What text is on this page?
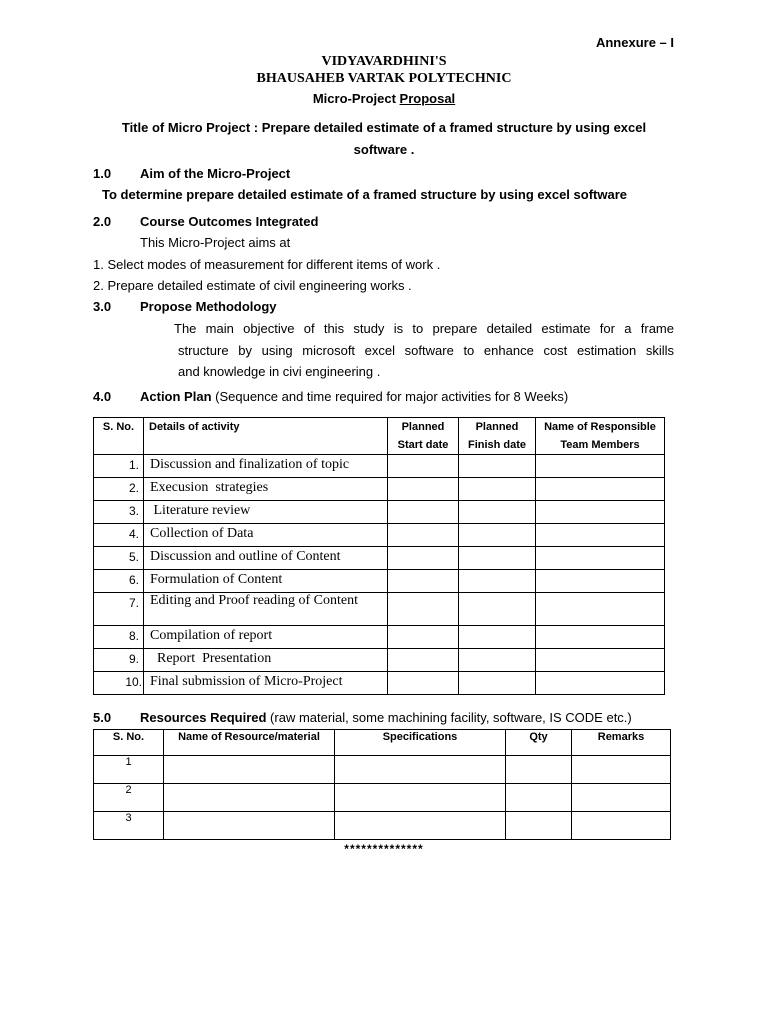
Annexure – I
VIDYAVARDHINI'S
BHAUSAHEB VARTAK POLYTECHNIC
Micro-Project Proposal
Title of Micro Project : Prepare detailed estimate of a framed structure by using excel
software .
1.0 Aim of the Micro-Project
To determine prepare detailed estimate of a framed structure by using excel software
2.0 Course Outcomes Integrated
This Micro-Project aims at
1. Select modes of measurement for different items of work .
2. Prepare detailed estimate of civil engineering works .
3.0 Propose Methodology
The main objective of this study is to prepare detailed estimate for a frame
structure by using microsoft excel software to enhance cost estimation skills
and knowledge in civi engineering .
4.0 Action Plan (Sequence and time required for major activities for 8 Weeks)
S. No.	Details of activity	Planned Start date	Planned Finish date	Name of Responsible Team Members
1.	Discussion and finalization of topic			
2.	Execusion  strategies			
3.	Literature review			
4.	Collection of Data			
5.	Discussion and outline of Content			
6.	Formulation of Content			
7.	Editing and Proof reading of Content			
8.	Compilation of report			
9.	Report  Presentation			
10.	Final submission of Micro-Project			
5.0 Resources Required (raw material, some machining facility, software, IS CODE etc.)
S. No.	Name of Resource/material	Specifications	Qty	Remarks
1				
2				
3				
**************
